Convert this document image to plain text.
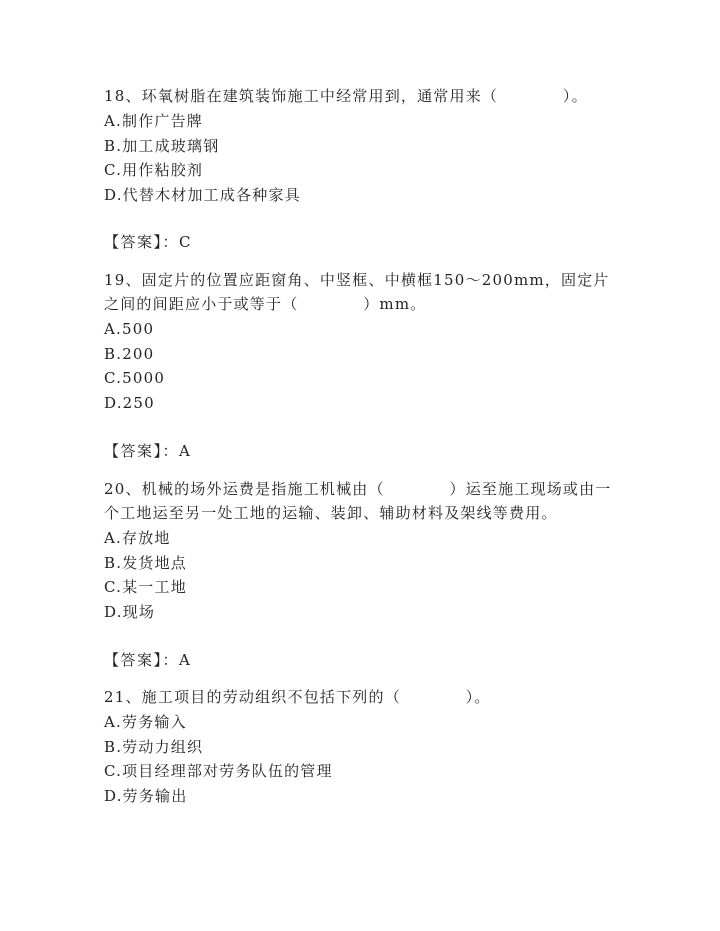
18、环氧树脂在建筑装饰施工中经常用到，通常用来（　　　　）。

A.制作广告牌
B.加工成玻璃钢
C.用作粘胶剂
D.代替木材加工成各种家具
【答案】：C

19、固定片的位置应距窗角、中竖框、中横框150～200mm，固定片之间的间距应小于或等于（　　　　）mm。

A.500
B.200
C.5000
D.250
【答案】：A

20、机械的场外运费是指施工机械由（　　　　）运至施工现场或由一个工地运至另一处工地的运输、装卸、辅助材料及架线等费用。

A.存放地
B.发货地点
C.某一工地
D.现场
【答案】：A

21、施工项目的劳动组织不包括下列的（　　　　）。

A.劳务输入
B.劳动力组织
C.项目经理部对劳务队伍的管理
D.劳务输出
